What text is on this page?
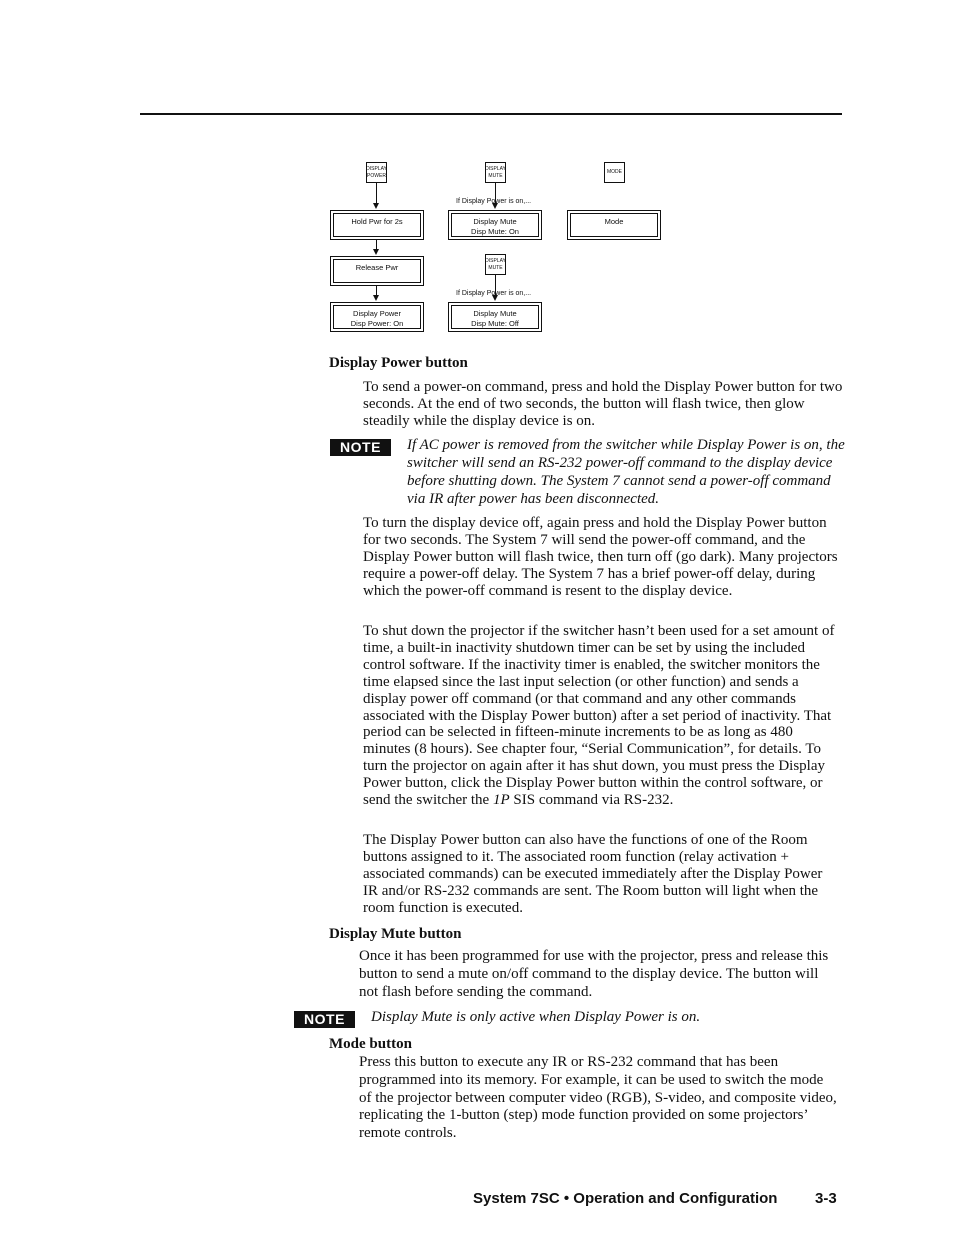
DISPLAY
POWER
Hold Pwr for 2s
Release Pwr
Display Power
Disp Power: On
DISPLAY
MUTE
If Display Power is on,...
Display Mute
Disp Mute: On
DISPLAY
MUTE
If Display Power is on,...
Display Mute
Disp Mute: Off
MODE
Mode
Display Power button
To send a power-on command, press and hold the Display Power button for two seconds. At the end of two seconds, the button will flash twice, then glow steadily while the display device is on.
NOTE	If AC power is removed from the switcher while Display Power is on, the switcher will send an RS-232 power-off command to the display device before shutting down. The System 7 cannot send a power-off command via IR after power has been disconnected.
To turn the display device off, again press and hold the Display Power button for two seconds. The System 7 will send the power-off command, and the Display Power button will flash twice, then turn off (go dark). Many projectors require a power-off delay. The System 7 has a brief power-off delay, during which the power-off command is resent to the display device.
To shut down the projector if the switcher hasn’t been used for a set amount of time, a built-in inactivity shutdown timer can be set by using the included control software. If the inactivity timer is enabled, the switcher monitors the time elapsed since the last input selection (or other function) and sends a display power off command (or that command and any other commands associated with the Display Power button) after a set period of inactivity. That period can be selected in fifteen-minute increments to be as long as 480 minutes (8 hours). See chapter four, “Serial Communication”, for details. To turn the projector on again after it has shut down, you must press the Display Power button, click the Display Power button within the control software, or send the switcher the 1P SIS command via RS-232.
The Display Power button can also have the functions of one of the Room buttons assigned to it. The associated room function (relay activation + associated commands) can be executed immediately after the Display Power IR and/or RS-232 commands are sent. The Room button will light when the room function is executed.
Display Mute button
Once it has been programmed for use with the projector, press and release this button to send a mute on/off command to the display device. The button will not flash before sending the command.
NOTE	Display Mute is only active when Display Power is on.
Mode button
Press this button to execute any IR or RS-232 command that has been programmed into its memory. For example, it can be used to switch the mode of the projector between computer video (RGB), S-video, and composite video, replicating the 1-button (step) mode function provided on some projectors’ remote controls.
System 7SC • Operation and Configuration	3-3
